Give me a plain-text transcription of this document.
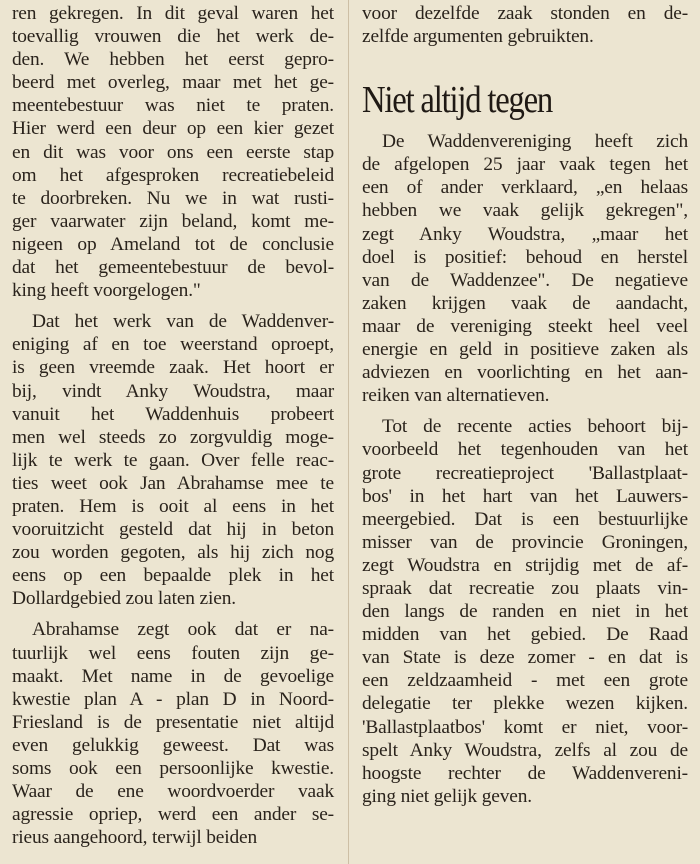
ren gekregen. In dit geval waren het
toevallig vrouwen die het werk de-
den. We hebben het eerst gepro-
beerd met overleg, maar met het ge-
meentebestuur was niet te praten.
Hier werd een deur op een kier gezet
en dit was voor ons een eerste stap
om het afgesproken recreatiebeleid
te doorbreken. Nu we in wat rusti-
ger vaarwater zijn beland, komt me-
nigeen op Ameland tot de conclusie
dat het gemeentebestuur de bevol-
king heeft voorgelogen."
Dat het werk van de Waddenver-
eniging af en toe weerstand oproept,
is geen vreemde zaak. Het hoort er
bij, vindt Anky Woudstra, maar
vanuit het Waddenhuis probeert
men wel steeds zo zorgvuldig moge-
lijk te werk te gaan. Over felle reac-
ties weet ook Jan Abrahamse mee te
praten. Hem is ooit al eens in het
vooruitzicht gesteld dat hij in beton
zou worden gegoten, als hij zich nog
eens op een bepaalde plek in het
Dollardgebied zou laten zien.
Abrahamse zegt ook dat er na-
tuurlijk wel eens fouten zijn ge-
maakt. Met name in de gevoelige
kwestie plan A - plan D in Noord-
Friesland is de presentatie niet altijd
even gelukkig geweest. Dat was
soms ook een persoonlijke kwestie.
Waar de ene woordvoerder vaak
agressie opriep, werd een ander se-
rieus aangehoord, terwijl beiden
voor dezelfde zaak stonden en de-
zelfde argumenten gebruikten.
Niet altijd tegen
De Waddenvereniging heeft zich
de afgelopen 25 jaar vaak tegen het
een of ander verklaard, „en helaas
hebben we vaak gelijk gekregen",
zegt Anky Woudstra, „maar het
doel is positief: behoud en herstel
van de Waddenzee". De negatieve
zaken krijgen vaak de aandacht,
maar de vereniging steekt heel veel
energie en geld in positieve zaken als
adviezen en voorlichting en het aan-
reiken van alternatieven.
Tot de recente acties behoort bij-
voorbeeld het tegenhouden van het
grote recreatieproject 'Ballastplaat-
bos' in het hart van het Lauwers-
meergebied. Dat is een bestuurlijke
misser van de provincie Groningen,
zegt Woudstra en strijdig met de af-
spraak dat recreatie zou plaats vin-
den langs de randen en niet in het
midden van het gebied. De Raad
van State is deze zomer - en dat is
een zeldzaamheid - met een grote
delegatie ter plekke wezen kijken.
'Ballastplaatbos' komt er niet, voor-
spelt Anky Woudstra, zelfs al zou de
hoogste rechter de Waddenvereni-
ging niet gelijk geven.
